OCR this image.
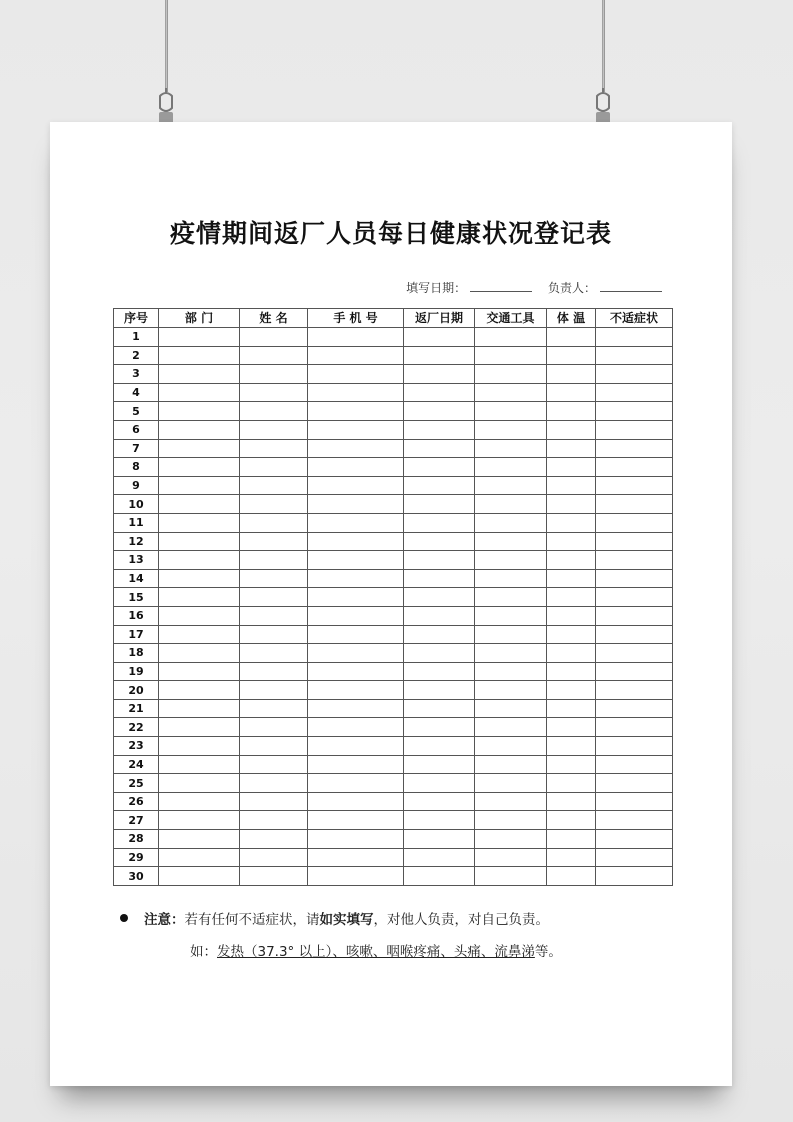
疫情期间返厂人员每日健康状况登记表
填写日期：	负责人：
序号	部 门	姓 名	手 机 号	返厂日期	交通工具	体 温	不适症状
1							
2							
3							
4							
5							
6							
7							
8							
9							
10							
11							
12							
13							
14							
15							
16							
17							
18							
19							
20							
21							
22							
23							
24							
25							
26							
27							
28							
29							
30							
注意： 若有任何不适症状，请 如实填写 ，对他人负责，对自己负责。
如：发热（37.3° 以上）、咳嗽、咽喉疼痛、头痛、流鼻涕等。
